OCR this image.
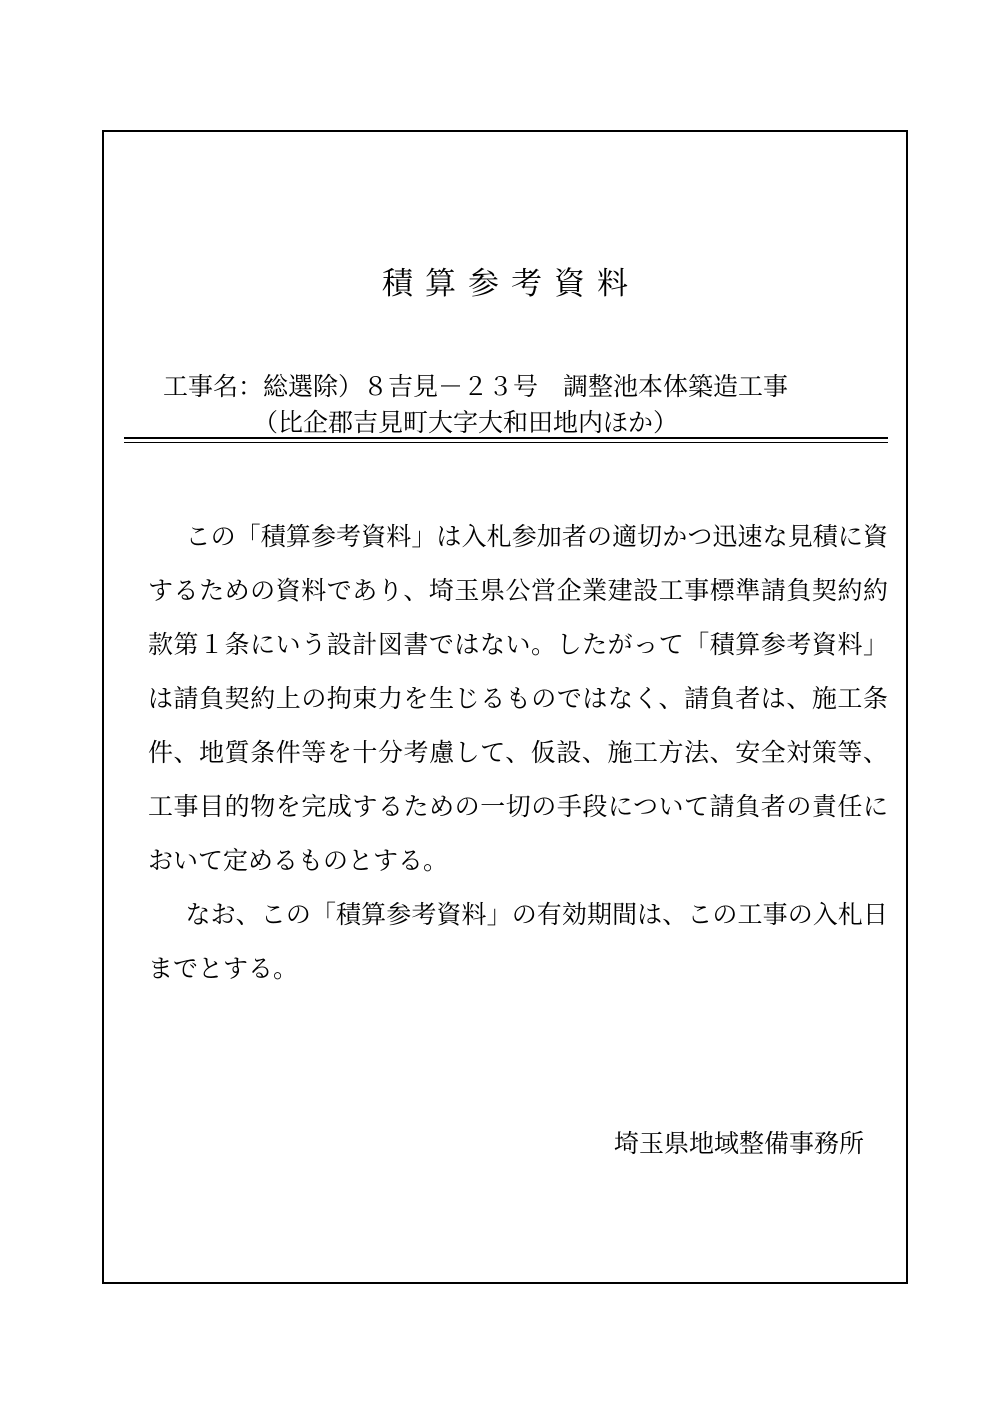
積算参考資料
工事名：総選除）８吉見－２３号　調整池本体築造工事
（比企郡吉見町大字大和田地内ほか）

この「積算参考資料」は入札参加者の適切かつ迅速な見積に資するための資料であり、埼玉県公営企業建設工事標準請負契約約款第１条にいう設計図書ではない。したがって「積算参考資料」は請負契約上の拘束力を生じるものではなく、請負者は、施工条件、地質条件等を十分考慮して、仮設、施工方法、安全対策等、工事目的物を完成するための一切の手段について請負者の責任において定めるものとする。

なお、この「積算参考資料」の有効期間は、この工事の入札日までとする。

埼玉県地域整備事務所
